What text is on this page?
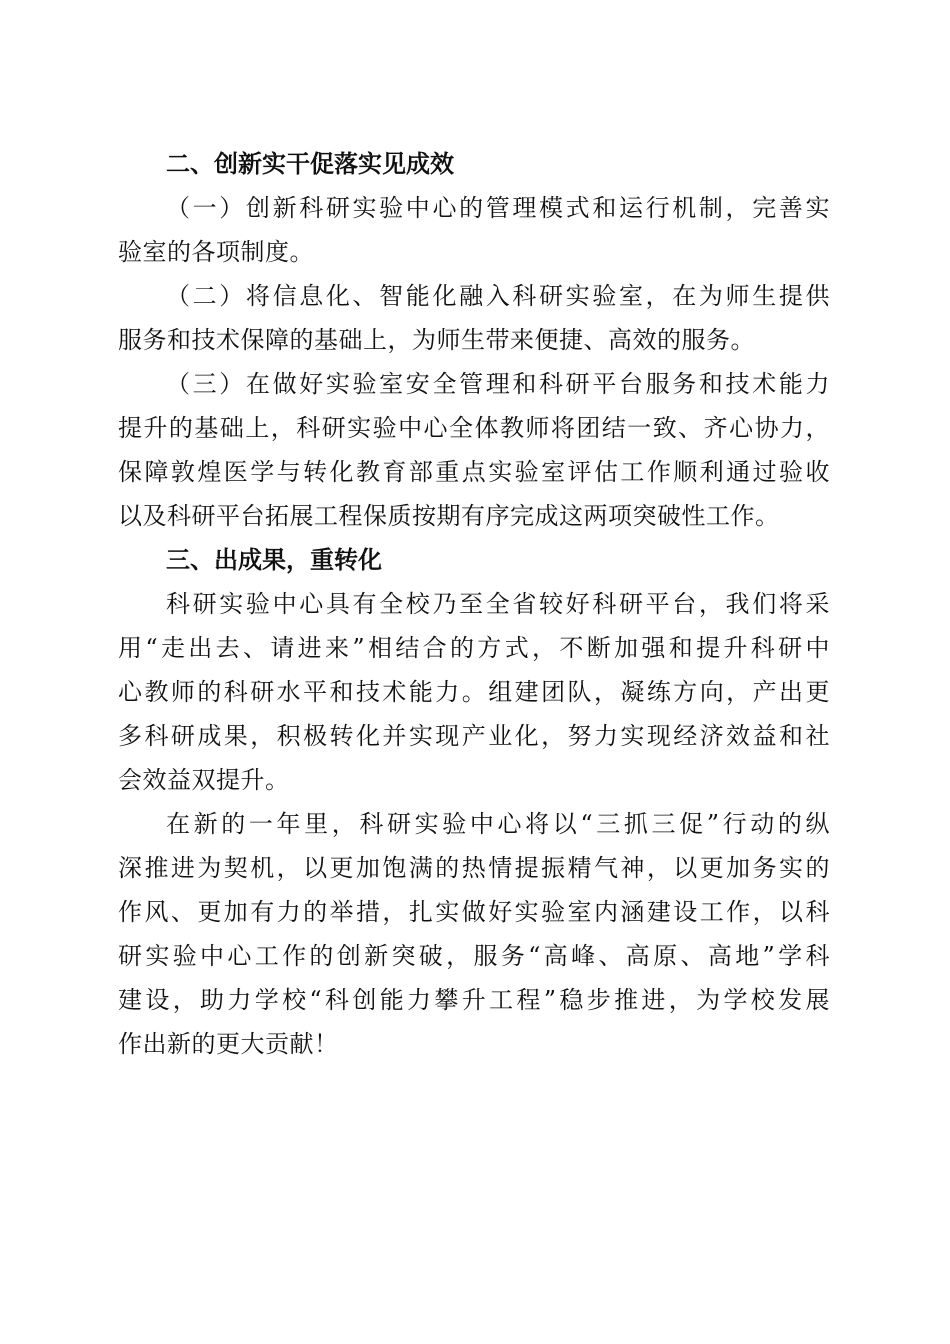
二、创新实干促落实见成效

（一）创新科研实验中心的管理模式和运行机制，完善实
验室的各项制度。

（二）将信息化、智能化融入科研实验室，在为师生提供
服务和技术保障的基础上，为师生带来便捷、高效的服务。

（三）在做好实验室安全管理和科研平台服务和技术能力
提升的基础上，科研实验中心全体教师将团结一致、齐心协力，
保障敦煌医学与转化教育部重点实验室评估工作顺利通过验收
以及科研平台拓展工程保质按期有序完成这两项突破性工作。

三、出成果，重转化

科研实验中心具有全校乃至全省较好科研平台，我们将采
用“走出去、请进来”相结合的方式，不断加强和提升科研中
心教师的科研水平和技术能力。组建团队，凝练方向，产出更
多科研成果，积极转化并实现产业化，努力实现经济效益和社
会效益双提升。

在新的一年里，科研实验中心将以“三抓三促”行动的纵
深推进为契机，以更加饱满的热情提振精气神，以更加务实的
作风、更加有力的举措，扎实做好实验室内涵建设工作，以科
研实验中心工作的创新突破，服务“高峰、高原、高地”学科
建设，助力学校“科创能力攀升工程”稳步推进，为学校发展
作出新的更大贡献！
